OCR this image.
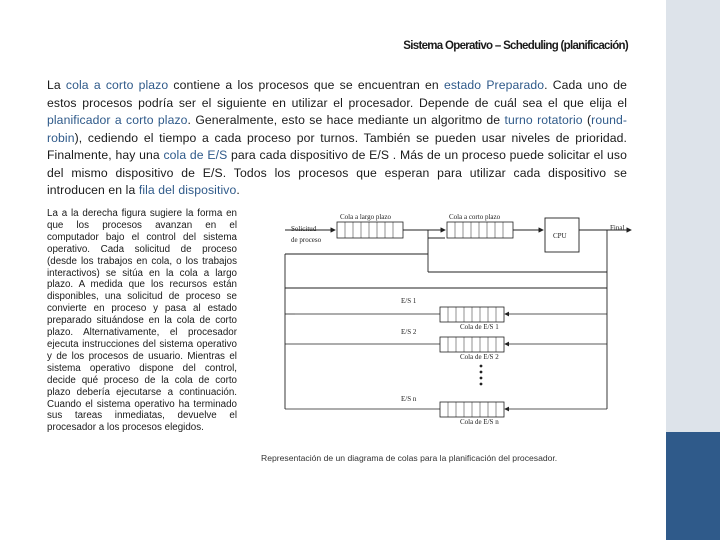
Sistema Operativo – Scheduling (planificación)
La cola a corto plazo contiene a los procesos que se encuentran en estado Preparado. Cada uno de estos procesos podría ser el siguiente en utilizar el procesador. Depende de cuál sea el que elija el planificador a corto plazo. Generalmente, esto se hace mediante un algoritmo de turno rotatorio (round-robin), cediendo el tiempo a cada proceso por turnos. También se pueden usar niveles de prioridad. Finalmente, hay una cola de E/S para cada dispositivo de E/S . Más de un proceso puede solicitar el uso del mismo dispositivo de E/S. Todos los procesos que esperan para utilizar cada dispositivo se introducen en la fila del dispositivo.
La a la derecha figura sugiere la forma en que los procesos avanzan en el computador bajo el control del sistema operativo. Cada solicitud de proceso (desde los trabajos en cola, o los trabajos interactivos) se sitúa en la cola a largo plazo. A medida que los recursos están disponibles, una solicitud de proceso se convierte en proceso y pasa al estado preparado situándose en la cola de corto plazo. Alternativamente, el procesador ejecuta instrucciones del sistema operativo y de los procesos de usuario. Mientras el sistema operativo dispone del control, decide qué proceso de la cola de corto plazo debería ejecutarse a continuación. Cuando el sistema operativo ha terminado sus tareas inmediatas, devuelve el procesador a los procesos elegidos.
Cola a largo plazo	Cola a corto plazo
Solicitud
de proceso
Final
CPU
E/S 1
Cola de E/S 1
E/S 2
Cola de E/S 2
E/S n
Cola de E/S n
Representación de un diagrama de colas para la planificación del procesador.
